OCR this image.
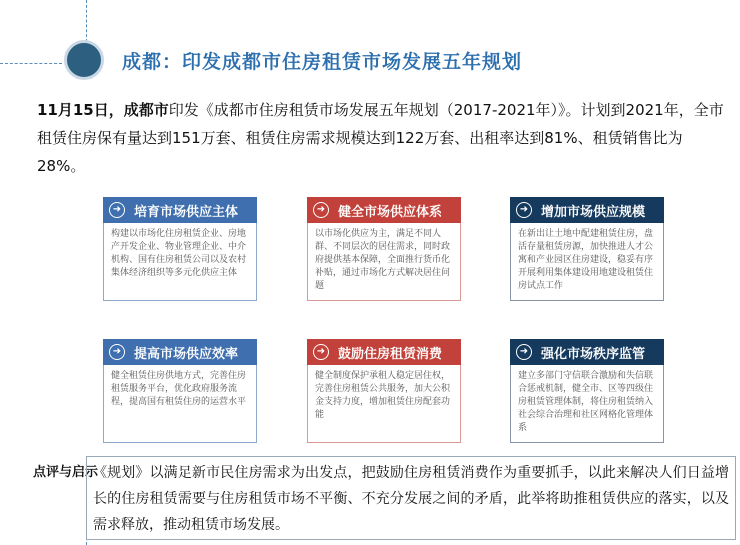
成都：印发成都市住房租赁市场发展五年规划
11月15日，成都市印发《成都市住房租赁市场发展五年规划（2017-2021年）》。计划到2021年，全市租赁住房保有量达到151万套、租赁住房需求规模达到122万套、出租率达到81%、租赁销售比为28%。
➜ 培育市场供应主体
构建以市场化住房租赁企业、房地产开发企业、物业管理企业、中介机构、国有住房租赁公司以及农村集体经济组织等多元化供应主体
➜ 健全市场供应体系
以市场化供应为主，满足不同人群、不同层次的居住需求，同时政府提供基本保障，全面推行货币化补贴，通过市场化方式解决居住问题
➜ 增加市场供应规模
在新出让土地中配建租赁住房，盘活存量租赁房源，加快推进人才公寓和产业园区住房建设，稳妥有序开展利用集体建设用地建设租赁住房试点工作
➜ 提高市场供应效率
健全租赁住房供地方式，完善住房租赁服务平台，优化政府服务流程，提高国有租赁住房的运营水平
➜ 鼓励住房租赁消费
健全制度保护承租人稳定居住权，完善住房租赁公共服务，加大公积金支持力度，增加租赁住房配套功能
➜ 强化市场秩序监管
建立多部门守信联合激励和失信联合惩戒机制，健全市、区等四级住房租赁管理体制，将住房租赁纳入社会综合治理和社区网格化管理体系
点评与启示
《规划》以满足新市民住房需求为出发点，把鼓励住房租赁消费作为重要抓手，以此来解决人们日益增长的住房租赁需要与住房租赁市场不平衡、不充分发展之间的矛盾，此举将助推租赁供应的落实，以及需求释放，推动租赁市场发展。
